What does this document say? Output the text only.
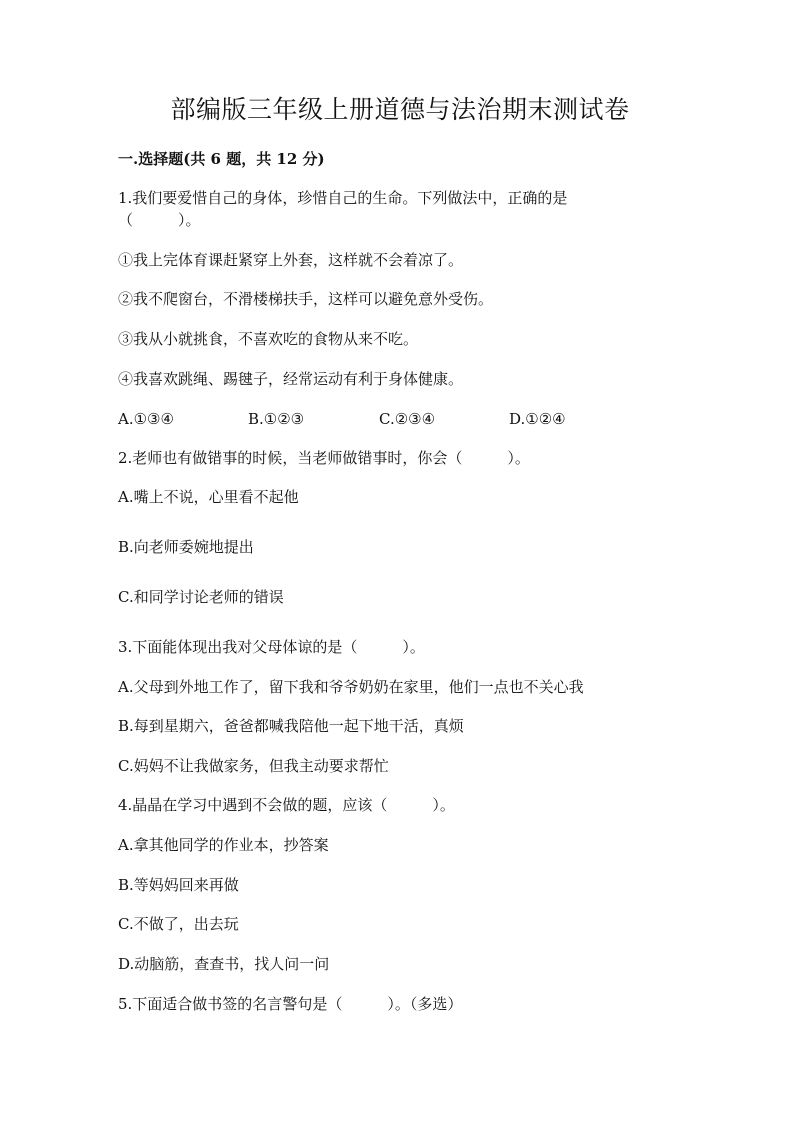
部编版三年级上册道德与法治期末测试卷
一.选择题(共 6 题，共 12 分)
1.我们要爱惜自己的身体，珍惜自己的生命。下列做法中，正确的是
（　　　）。
①我上完体育课赶紧穿上外套，这样就不会着凉了。
②我不爬窗台，不滑楼梯扶手，这样可以避免意外受伤。
③我从小就挑食，不喜欢吃的食物从来不吃。
④我喜欢跳绳、踢毽子，经常运动有利于身体健康。
A.①③④	B.①②③	C.②③④	D.①②④
2.老师也有做错事的时候，当老师做错事时，你会（　　　）。
A.嘴上不说，心里看不起他
B.向老师委婉地提出
C.和同学讨论老师的错误
3.下面能体现出我对父母体谅的是（　　　）。
A.父母到外地工作了，留下我和爷爷奶奶在家里，他们一点也不关心我
B.每到星期六，爸爸都喊我陪他一起下地干活，真烦
C.妈妈不让我做家务，但我主动要求帮忙
4.晶晶在学习中遇到不会做的题，应该（　　　）。
A.拿其他同学的作业本，抄答案
B.等妈妈回来再做
C.不做了，出去玩
D.动脑筋，查查书，找人问一问
5.下面适合做书签的名言警句是（　　　）。（多选）
